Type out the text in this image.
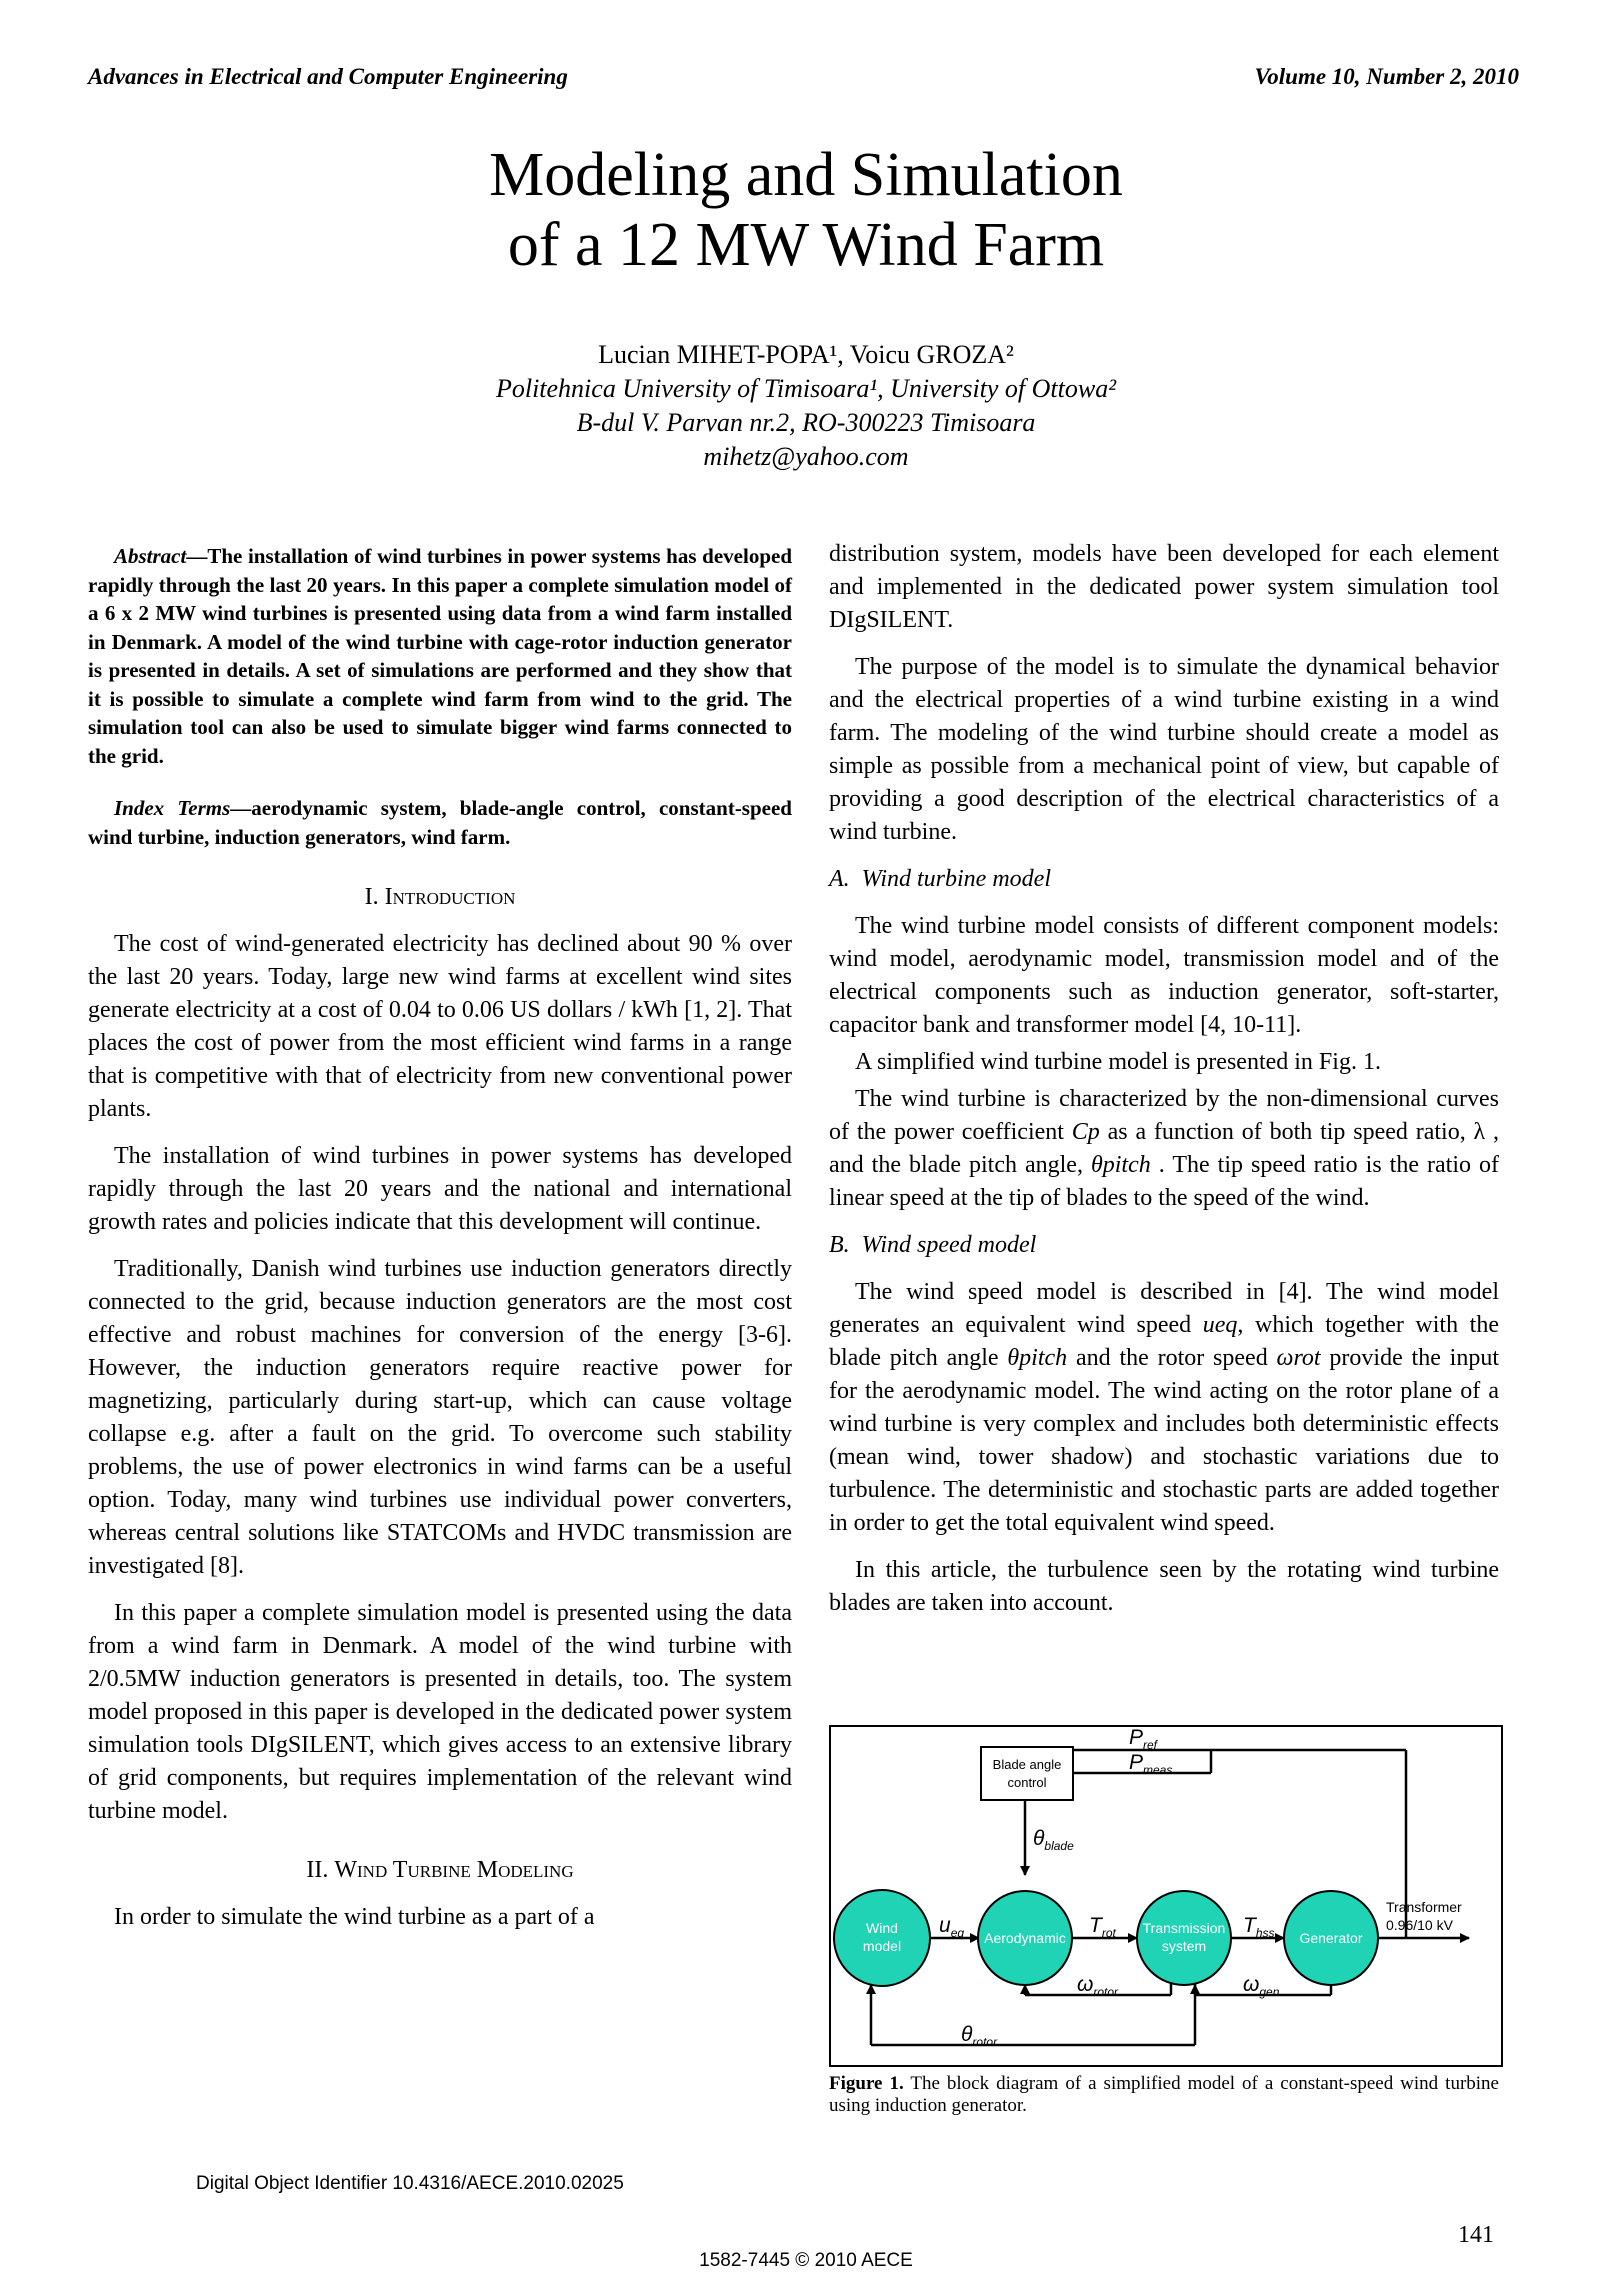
Advances in Electrical and Computer Engineering	Volume 10, Number 2, 2010
Modeling and Simulation
of a 12 MW Wind Farm
Lucian MIHET-POPA¹, Voicu GROZA²
Politehnica University of Timisoara¹, University of Ottowa²
B-dul V. Parvan nr.2, RO-300223 Timisoara
mihetz@yahoo.com

Abstract—The installation of wind turbines in power systems has developed rapidly through the last 20 years. In this paper a complete simulation model of a 6 x 2 MW wind turbines is presented using data from a wind farm installed in Denmark. A model of the wind turbine with cage-rotor induction generator is presented in details. A set of simulations are performed and they show that it is possible to simulate a complete wind farm from wind to the grid. The simulation tool can also be used to simulate bigger wind farms connected to the grid.

Index Terms—aerodynamic system, blade-angle control, constant-speed wind turbine, induction generators, wind farm.

I. Introduction

The cost of wind-generated electricity has declined about 90 % over the last 20 years. Today, large new wind farms at excellent wind sites generate electricity at a cost of 0.04 to 0.06 US dollars / kWh [1, 2]. That places the cost of power from the most efficient wind farms in a range that is competitive with that of electricity from new conventional power plants.

The installation of wind turbines in power systems has developed rapidly through the last 20 years and the national and international growth rates and policies indicate that this development will continue.

Traditionally, Danish wind turbines use induction generators directly connected to the grid, because induction generators are the most cost effective and robust machines for conversion of the energy [3-6]. However, the induction generators require reactive power for magnetizing, particularly during start-up, which can cause voltage collapse e.g. after a fault on the grid. To overcome such stability problems, the use of power electronics in wind farms can be a useful option. Today, many wind turbines use individual power converters, whereas central solutions like STATCOMs and HVDC transmission are investigated [8].

In this paper a complete simulation model is presented using the data from a wind farm in Denmark. A model of the wind turbine with 2/0.5MW induction generators is presented in details, too. The system model proposed in this paper is developed in the dedicated power system simulation tools DIgSILENT, which gives access to an extensive library of grid components, but requires implementation of the relevant wind turbine model.

II. Wind Turbine Modeling

In order to simulate the wind turbine as a part of a

distribution system, models have been developed for each element and implemented in the dedicated power system simulation tool DIgSILENT.

The purpose of the model is to simulate the dynamical behavior and the electrical properties of a wind turbine existing in a wind farm. The modeling of the wind turbine should create a model as simple as possible from a mechanical point of view, but capable of providing a good description of the electrical characteristics of a wind turbine.

A. Wind turbine model

The wind turbine model consists of different component models: wind model, aerodynamic model, transmission model and of the electrical components such as induction generator, soft-starter, capacitor bank and transformer model [4, 10-11].

A simplified wind turbine model is presented in Fig. 1.

The wind turbine is characterized by the non-dimensional curves of the power coefficient Cp as a function of both tip speed ratio, λ , and the blade pitch angle, θpitch . The tip speed ratio is the ratio of linear speed at the tip of blades to the speed of the wind.

B. Wind speed model

The wind speed model is described in [4]. The wind model generates an equivalent wind speed ueq, which together with the blade pitch angle θpitch and the rotor speed ωrot provide the input for the aerodynamic model. The wind acting on the rotor plane of a wind turbine is very complex and includes both deterministic effects (mean wind, tower shadow) and stochastic variations due to turbulence. The deterministic and stochastic parts are added together in order to get the total equivalent wind speed.

In this article, the turbulence seen by the rotating wind turbine blades are taken into account.

Blade angle
control
Wind
model	Aerodynamic
Transmission
system	Generator
$P_{ref}$
$P_{meas}$
$\theta_{blade}$
$u_{eq}$	$T_{rot}$	$T_{hss}$
$\omega_{rotor}$	$\omega_{gen}$
$\theta_{rotor}$
Transformer
0.96/10 kV
Figure 1. The block diagram of a simplified model of a constant-speed wind turbine using induction generator.
Digital Object Identifier 10.4316/AECE.2010.02025
141
1582-7445 © 2010 AECE
